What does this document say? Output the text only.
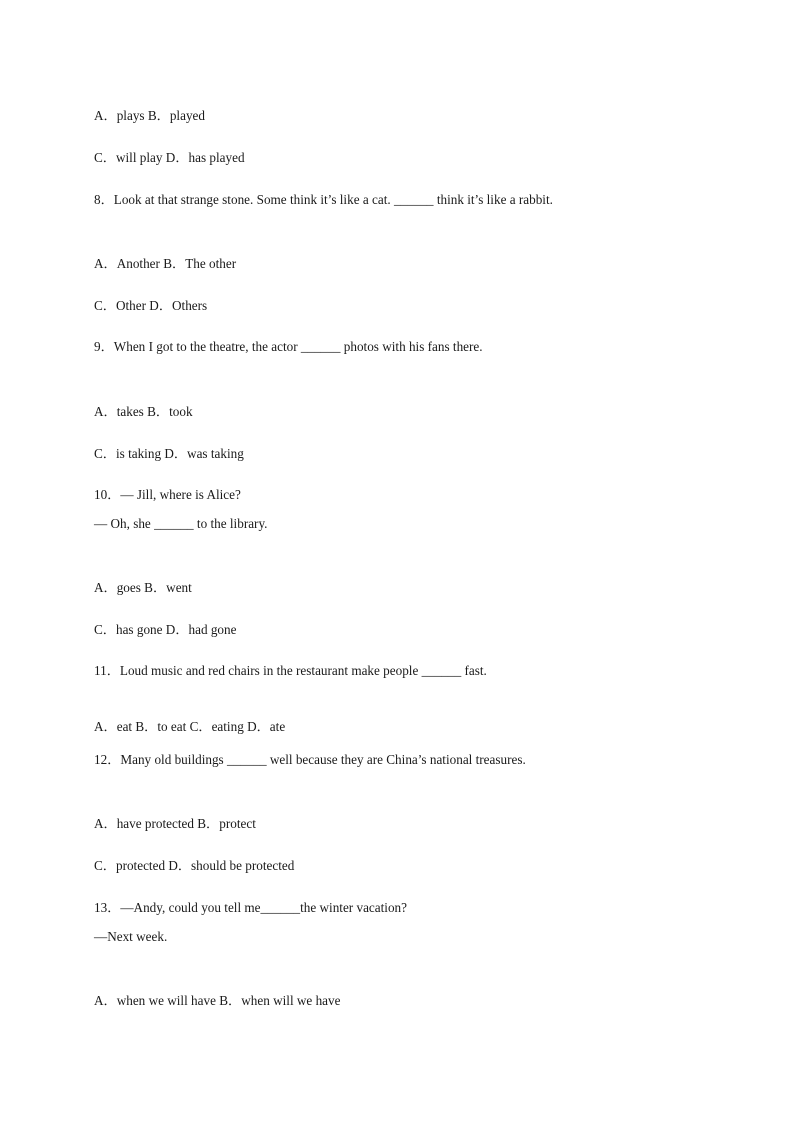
A．plays B．played
C．will play D．has played
8．Look at that strange stone. Some think it’s like a cat. ______ think it’s like a rabbit.
A．Another B．The other
C．Other D．Others
9．When I got to the theatre, the actor ______ photos with his fans there.
A．takes B．took
C．is taking D．was taking
10．— Jill, where is Alice?
— Oh, she ______ to the library.
A．goes B．went
C．has gone D．had gone
11．Loud music and red chairs in the restaurant make people ______ fast.
A．eat B．to eat C．eating D．ate
12．Many old buildings ______ well because they are China’s national treasures.
A．have protected B．protect
C．protected D．should be protected
13．—Andy, could you tell me______the winter vacation?
—Next week.
A．when we will have B．when will we have
